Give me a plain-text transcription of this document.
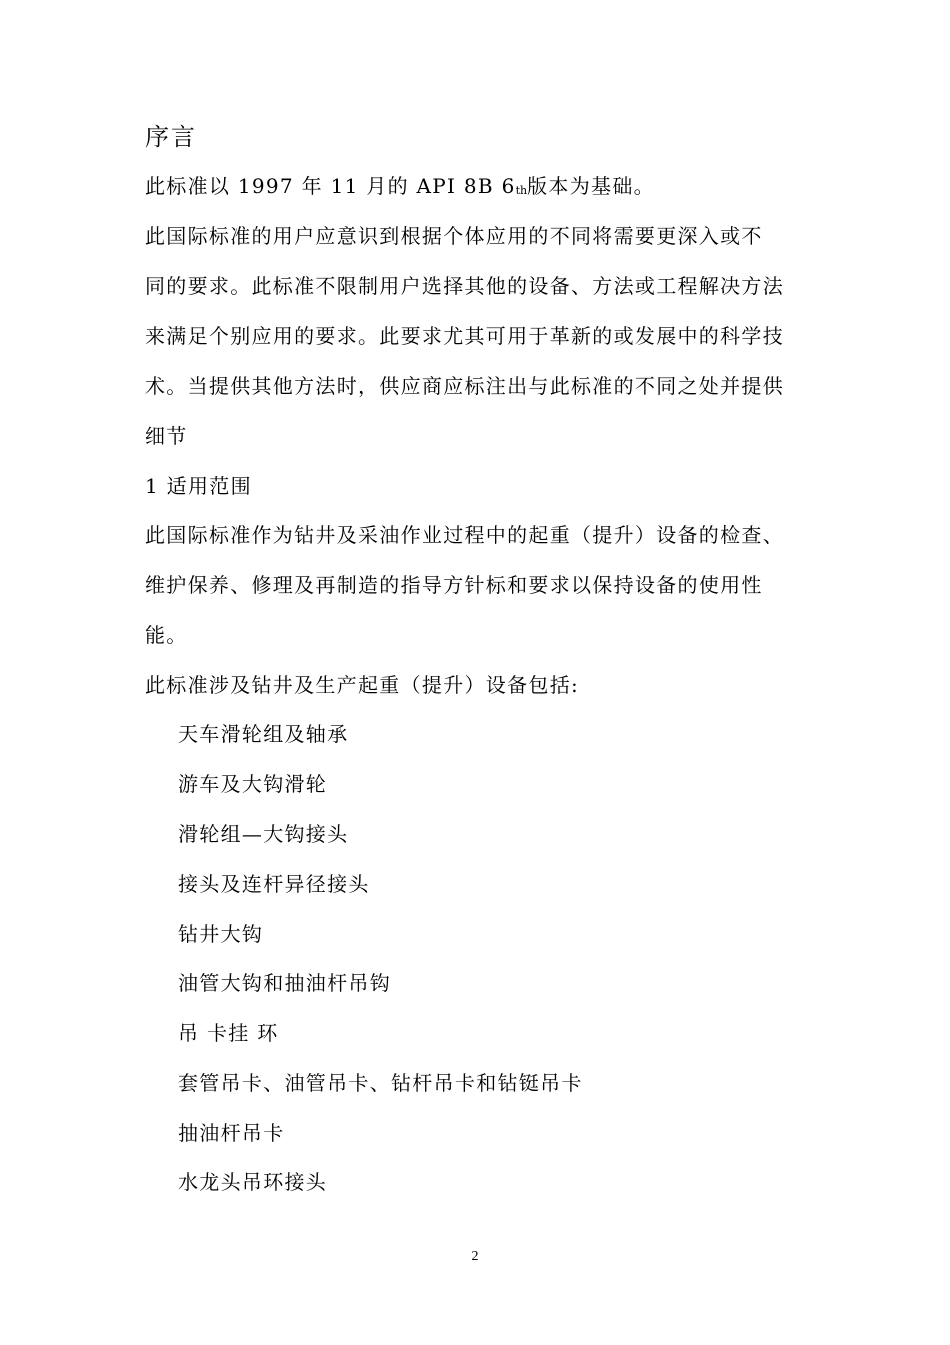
序言
此标准以 1997 年 11 月的 API 8B $6_{th}$版本为基础。
此国际标准的用户应意识到根据个体应用的不同将需要更深入或不
同的要求。此标准不限制用户选择其他的设备、方法或工程解决方法
来满足个别应用的要求。此要求尤其可用于革新的或发展中的科学技
术。当提供其他方法时，供应商应标注出与此标准的不同之处并提供
细节
1 适用范围
此国际标准作为钻井及采油作业过程中的起重（提升）设备的检查、
维护保养、修理及再制造的指导方针标和要求以保持设备的使用性
能。
此标准涉及钻井及生产起重（提升）设备包括:
天车滑轮组及轴承
游车及大钩滑轮
滑轮组—大钩接头
接头及连杆异径接头
钻井大钩
油管大钩和抽油杆吊钩
吊 卡挂 环
套管吊卡、油管吊卡、钻杆吊卡和钻铤吊卡
抽油杆吊卡
水龙头吊环接头
2
